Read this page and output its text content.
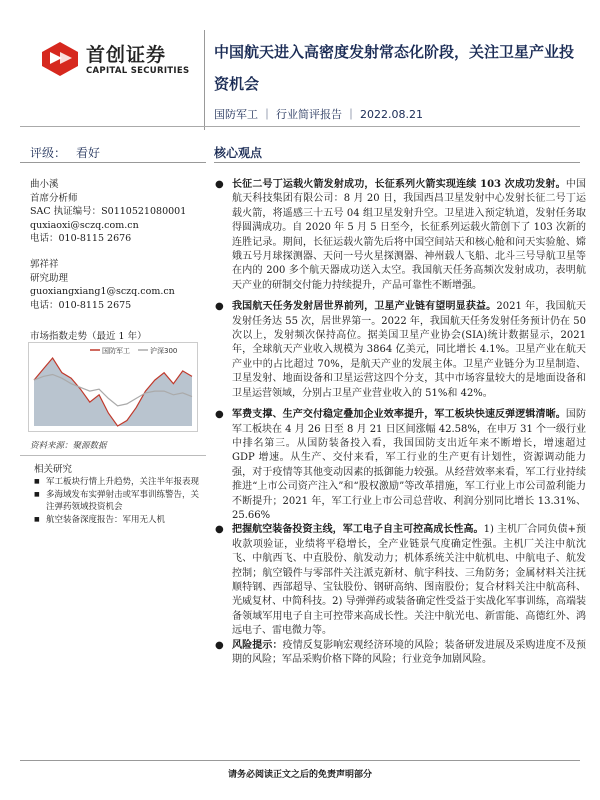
首创证券
CAPITAL SECURITIES
中国航天进入高密度发射常态化阶段，关注卫星产业投资机会
国防军工 ｜ 行业简评报告 ｜ 2022.08.21
评级： 看好
曲小溪
首席分析师
SAC 执证编号：S0110521080001
quxiaoxi@sczq.com.cn
电话：010-8115 2676
郭祥祥
研究助理
guoxiangxiang1@sczq.com.cn
电话：010-8115 2675
市场指数走势（最近 1 年）
国防军工	沪深300
资料来源：聚源数据
相关研究
■ 军工板块行情上升趋势，关注半年报表现
■ 多海域发布实弹射击或军事训练警告，关注弹药领域投资机会
■ 航空装备深度报告：军用无人机
核心观点
● 长征二号丁运载火箭发射成功，长征系列火箭实现连续 103 次成功发射。中国航天科技集团有限公司：8 月 20 日，我国西昌卫星发射中心发射长征二号丁运载火箭，将遥感三十五号 04 组卫星发射升空。卫星进入预定轨道，发射任务取得圆满成功。自 2020 年 5 月 5 日至今，长征系列运载火箭创下了 103 次新的连胜记录。期间，长征运载火箭先后将中国空间站天和核心舱和问天实验舱、嫦娥五号月球探测器、天问一号火星探测器、神州载人飞船、北斗三号导航卫星等在内的 200 多个航天器成功送入太空。我国航天任务高频次发射成功，表明航天产业的研制交付能力持续提升，产品可靠性不断增强。
● 我国航天任务发射居世界前列，卫星产业链有望明显获益。2021 年，我国航天发射任务达 55 次，居世界第一。2022 年，我国航天任务发射任务预计仍在 50 次以上，发射频次保持高位。据美国卫星产业协会(SIA)统计数据显示，2021 年，全球航天产业收入规模为 3864 亿美元，同比增长 4.1%。卫星产业在航天产业中的占比超过 70%，是航天产业的发展主体。卫星产业链分为卫星制造、卫星发射、地面设备和卫星运营这四个分支，其中市场容量较大的是地面设备和卫星运营领域，分别占卫星产业营业收入的 51%和 42%。
● 军费支撑、生产交付稳定叠加企业效率提升，军工板块快速反弹逻辑清晰。国防军工板块在 4 月 26 日至 8 月 21 日区间涨幅 42.58%，在申万 31 个一级行业中排名第三。从国防装备投入看，我国国防支出近年来不断增长，增速超过 GDP 增速。从生产、交付来看，军工行业的生产更有计划性，资源调动能力强，对于疫情等其他变动因素的抵御能力较强。从经营效率来看，军工行业持续推进“上市公司资产注入”和“股权激励”等改革措施，军工行业上市公司盈利能力不断提升；2021 年，军工行业上市公司总营收、利润分别同比增长 13.31%、25.66%
● 把握航空装备投资主线，军工电子自主可控高成长性高。1) 主机厂合同负债+预收款项验证，业绩将平稳增长，全产业链景气度确定性强。主机厂关注中航沈飞、中航西飞、中直股份、航发动力；机体系统关注中航机电、中航电子、航发控制；航空锻件与零部件关注派克新材、航宇科技、三角防务；金属材料关注抚顺特钢、西部超导、宝钛股份、钢研高纳、图南股份；复合材料关注中航高科、光威复材、中简科技。2) 导弹弹药或装备确定性受益于实战化军事训练，高端装备领域军用电子自主可控带来高成长性。关注中航光电、新雷能、高德红外、鸿远电子、雷电微力等。
● 风险提示：疫情反复影响宏观经济环境的风险；装备研发进展及采购进度不及预期的风险；军品采购价格下降的风险；行业竞争加剧风险。
请务必阅读正文之后的免责声明部分
